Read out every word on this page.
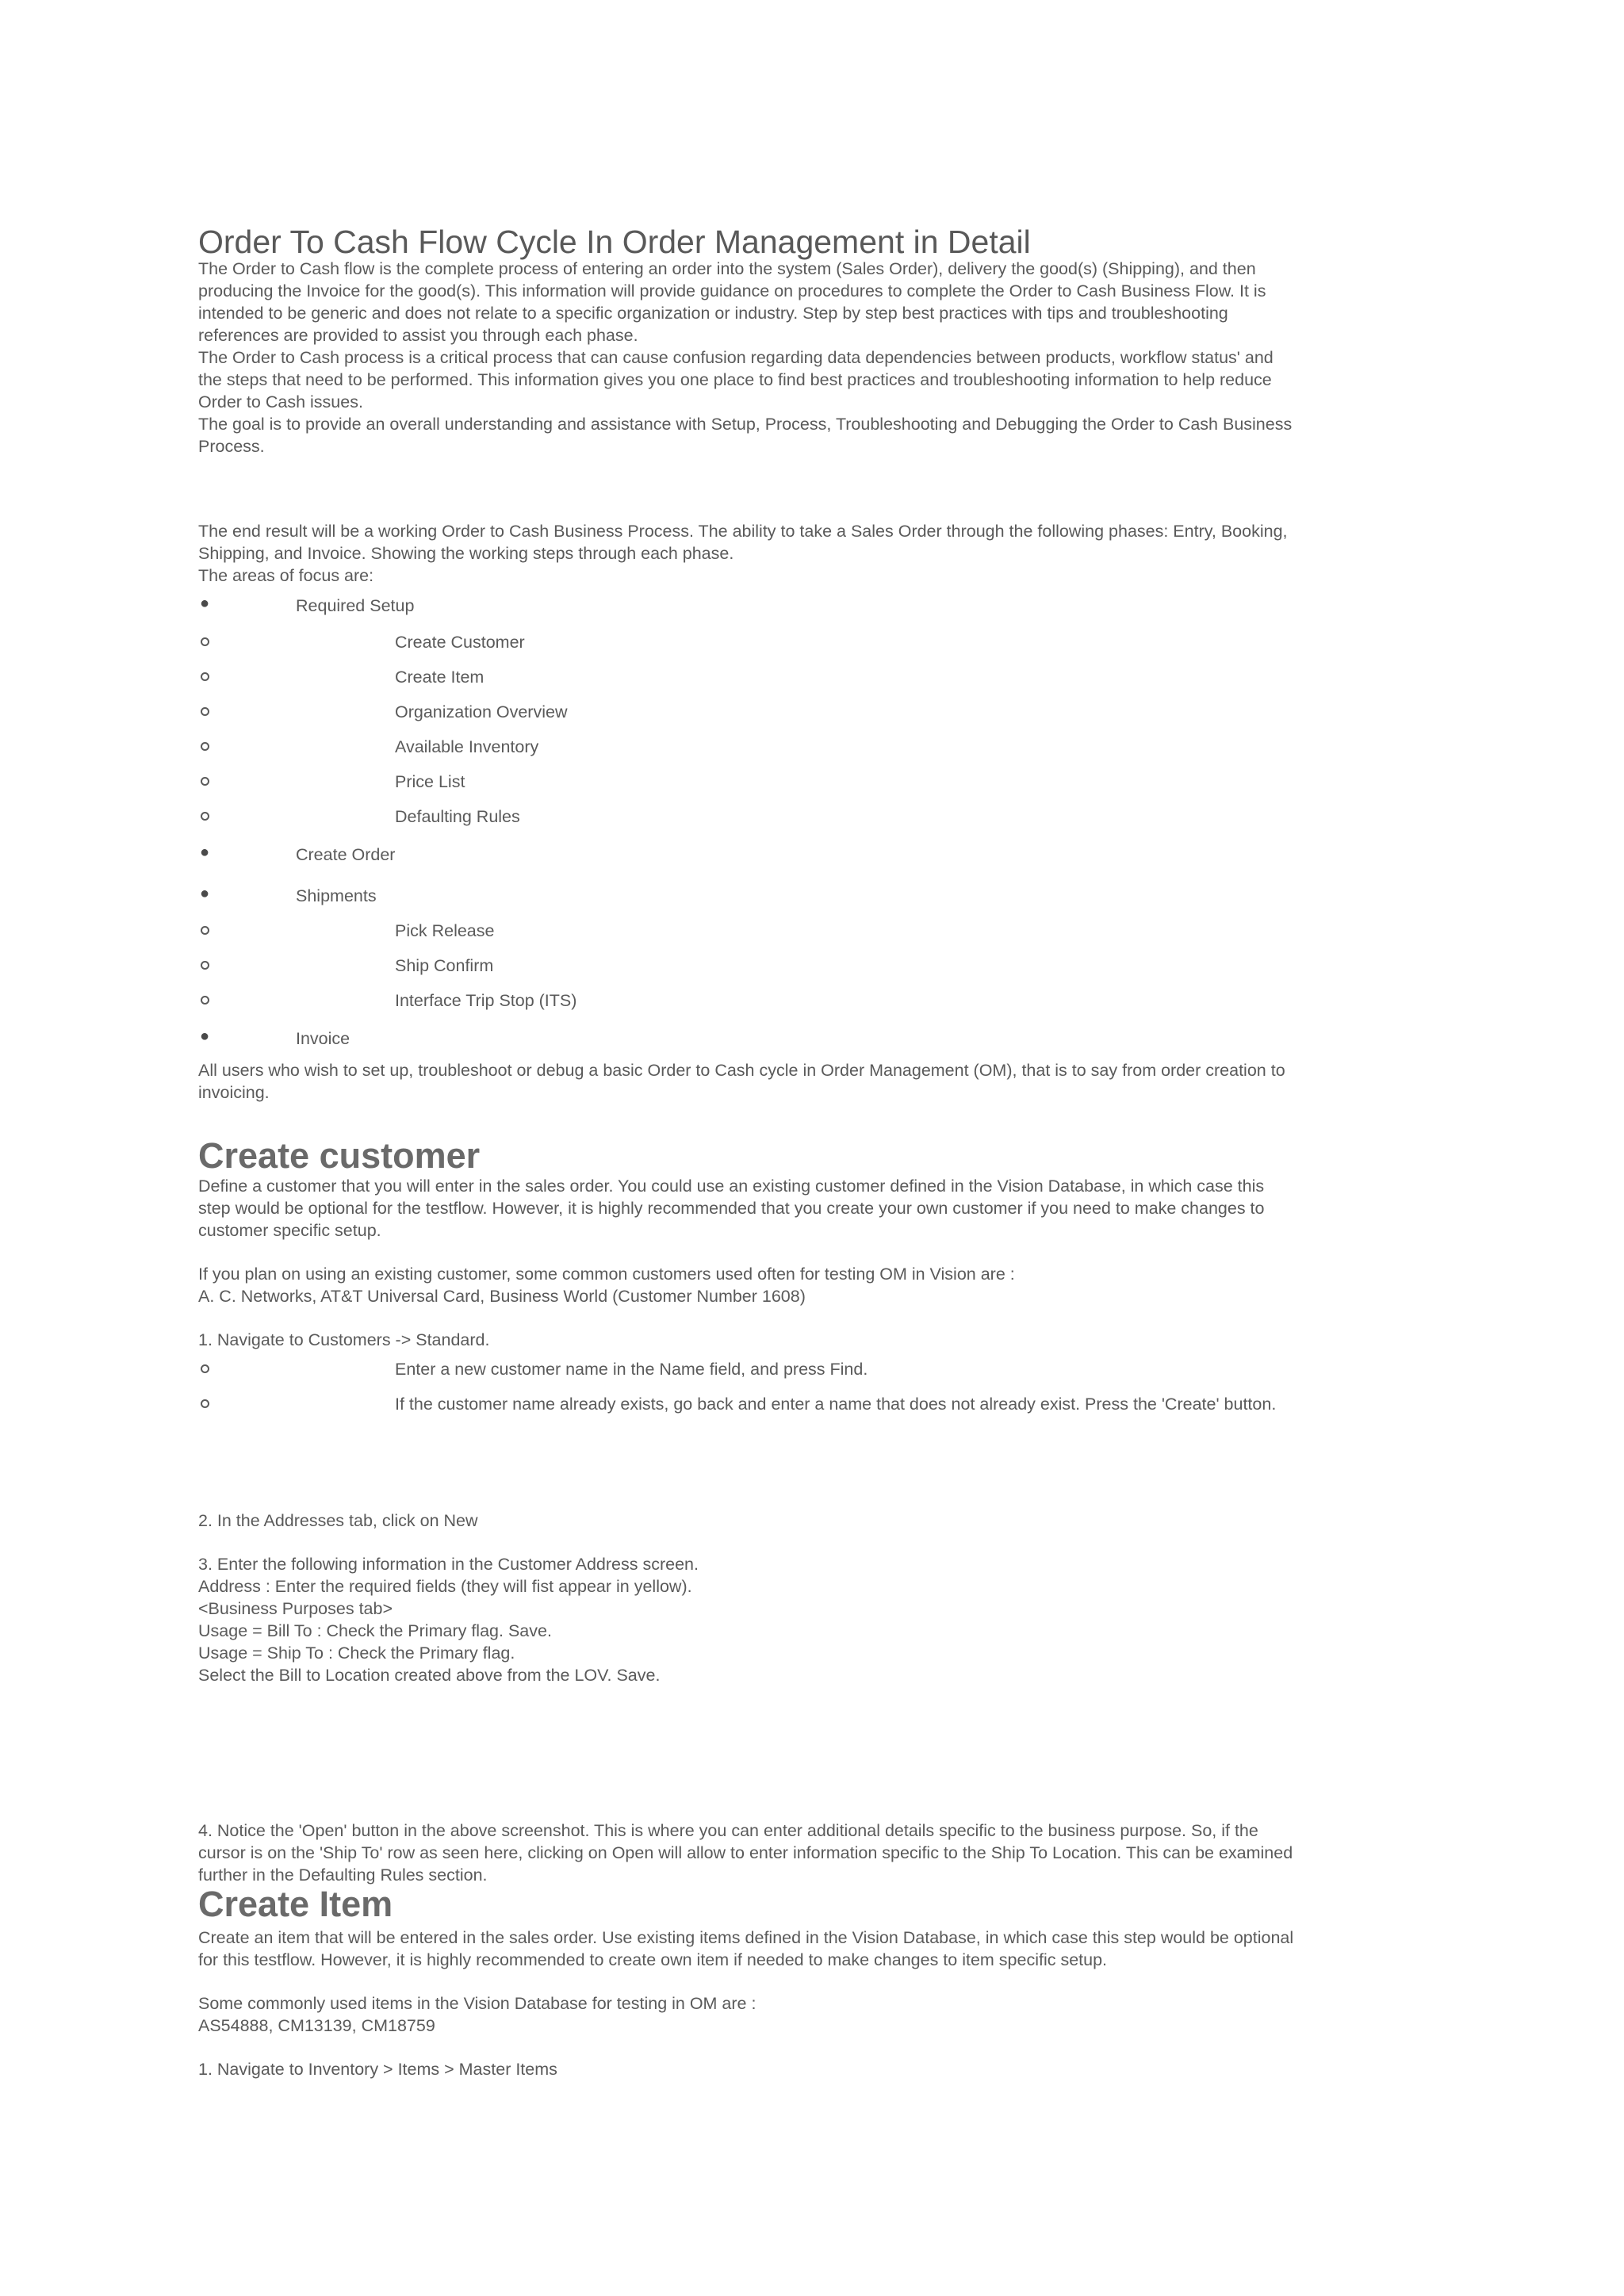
Order To Cash Flow Cycle In Order Management in Detail
The Order to Cash flow is the complete process of entering an order into the system (Sales Order), delivery the good(s) (Shipping), and then
producing the Invoice for the good(s). This information will provide guidance on procedures to complete the Order to Cash Business Flow. It is
intended to be generic and does not relate to a specific organization or industry. Step by step best practices with tips and troubleshooting
references are provided to assist you through each phase.
The Order to Cash process is a critical process that can cause confusion regarding data dependencies between products, workflow status' and
the steps that need to be performed. This information gives you one place to find best practices and troubleshooting information to help reduce
Order to Cash issues.
The goal is to provide an overall understanding and assistance with Setup, Process, Troubleshooting and Debugging the Order to Cash Business
Process.
The end result will be a working Order to Cash Business Process. The ability to take a Sales Order through the following phases: Entry, Booking,
Shipping, and Invoice. Showing the working steps through each phase.
The areas of focus are:
●	Required Setup
Create Customer
Create Item
Organization Overview
Available Inventory
Price List
Defaulting Rules
●	Create Order
●	Shipments
Pick Release
Ship Confirm
Interface Trip Stop (ITS)
●	Invoice
All users who wish to set up, troubleshoot or debug a basic Order to Cash cycle in Order Management (OM), that is to say from order creation to
invoicing.
Create customer
Define a customer that you will enter in the sales order. You could use an existing customer defined in the Vision Database, in which case this
step would be optional for the testflow. However, it is highly recommended that you create your own customer if you need to make changes to
customer specific setup.
If you plan on using an existing customer, some common customers used often for testing OM in Vision are :
A. C. Networks, AT&T Universal Card, Business World (Customer Number 1608)
1. Navigate to Customers -> Standard.
Enter a new customer name in the Name field, and press Find.
If the customer name already exists, go back and enter a name that does not already exist. Press the 'Create' button.
2. In the Addresses tab, click on New
3. Enter the following information in the Customer Address screen.
Address : Enter the required fields (they will fist appear in yellow).
<Business Purposes tab>
Usage = Bill To : Check the Primary flag. Save.
Usage = Ship To : Check the Primary flag.
Select the Bill to Location created above from the LOV. Save.
4. Notice the 'Open' button in the above screenshot. This is where you can enter additional details specific to the business purpose. So, if the
cursor is on the 'Ship To' row as seen here, clicking on Open will allow to enter information specific to the Ship To Location. This can be examined
further in the Defaulting Rules section.
Create Item
Create an item that will be entered in the sales order. Use existing items defined in the Vision Database, in which case this step would be optional
for this testflow. However, it is highly recommended to create own item if needed to make changes to item specific setup.
Some commonly used items in the Vision Database for testing in OM are :
AS54888, CM13139, CM18759
1. Navigate to Inventory > Items > Master Items
